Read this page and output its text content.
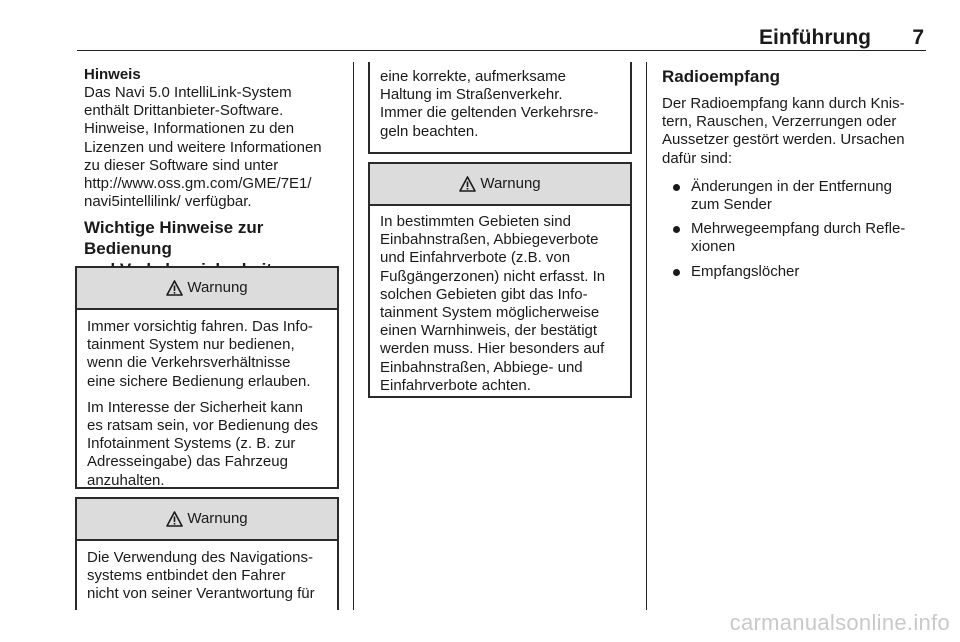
Einführung 7
Hinweis
Das Navi 5.0 IntelliLink-System
enthält Drittanbieter-Software.
Hinweise, Informationen zu den
Lizenzen und weitere Informationen
zu dieser Software sind unter
http://www.oss.gm.com/GME/7E1/
navi5intellilink/ verfügbar.
Wichtige Hinweise zur Bedienung
Warnung

Immer vorsichtig fahren. Das Info‑
tainment System nur bedienen,
wenn die Verkehrsverhältnisse
eine sichere Bedienung erlauben.

Im Interesse der Sicherheit kann
es ratsam sein, vor Bedienung des
Infotainment Systems (z. B. zur
Adresseingabe) das Fahrzeug
anzuhalten.

Warnung

Die Verwendung des Navigations‑
systems entbindet den Fahrer
nicht von seiner Verantwortung für

eine korrekte, aufmerksame
Haltung im Straßenverkehr.
Immer die geltenden Verkehrsre‑
geln beachten.

Warnung

In bestimmten Gebieten sind
Einbahnstraßen, Abbiegeverbote
und Einfahrverbote (z.B. von
Fußgängerzonen) nicht erfasst. In
solchen Gebieten gibt das Info‑
tainment System möglicherweise
einen Warnhinweis, der bestätigt
werden muss. Hier besonders auf
Einbahnstraßen, Abbiege‑ und
Einfahrverbote achten.

Radioempfang

Der Radioempfang kann durch Knis‑
tern, Rauschen, Verzerrungen oder
Aussetzer gestört werden. Ursachen
dafür sind:

Änderungen in der Entfernung
zum Sender
Mehrwegeempfang durch Refle‑
xionen
Empfangslöcher
carmanualsonline.info
